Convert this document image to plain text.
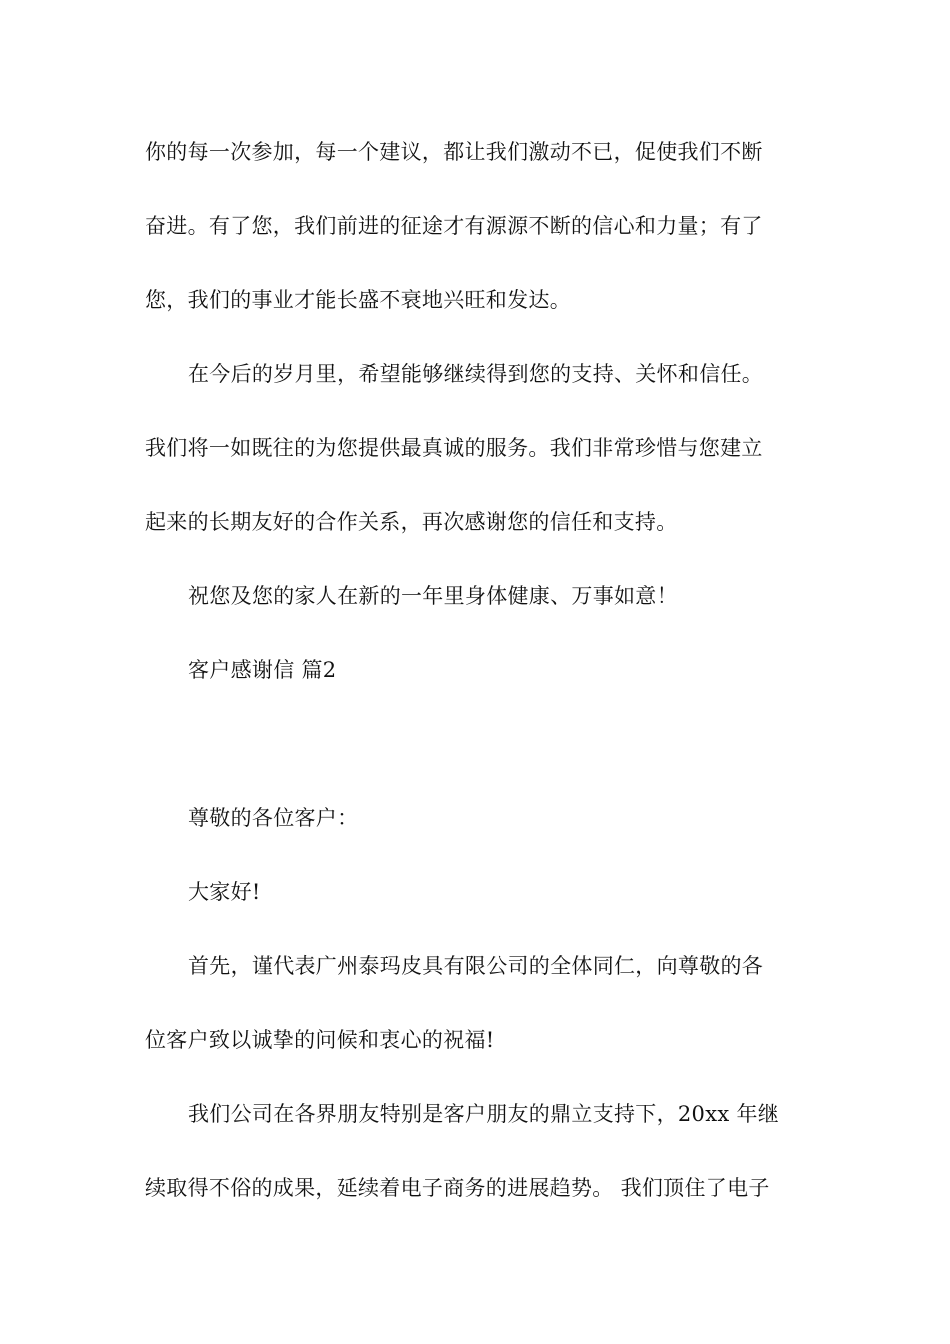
你的每一次参加，每一个建议，都让我们激动不已，促使我们不断
奋进。有了您，我们前进的征途才有源源不断的信心和力量；有了
您，我们的事业才能长盛不衰地兴旺和发达。
在今后的岁月里，希望能够继续得到您的支持、关怀和信任。
我们将一如既往的为您提供最真诚的服务。我们非常珍惜与您建立
起来的长期友好的合作关系，再次感谢您的信任和支持。
祝您及您的家人在新的一年里身体健康、万事如意！
客户感谢信 篇2
尊敬的各位客户：
大家好!
首先，谨代表广州泰玛皮具有限公司的全体同仁，向尊敬的各
位客户致以诚挚的问候和衷心的祝福!
我们公司在各界朋友特别是客户朋友的鼎立支持下，20xx 年继
续取得不俗的成果，延续着电子商务的进展趋势。 我们顶住了电子
